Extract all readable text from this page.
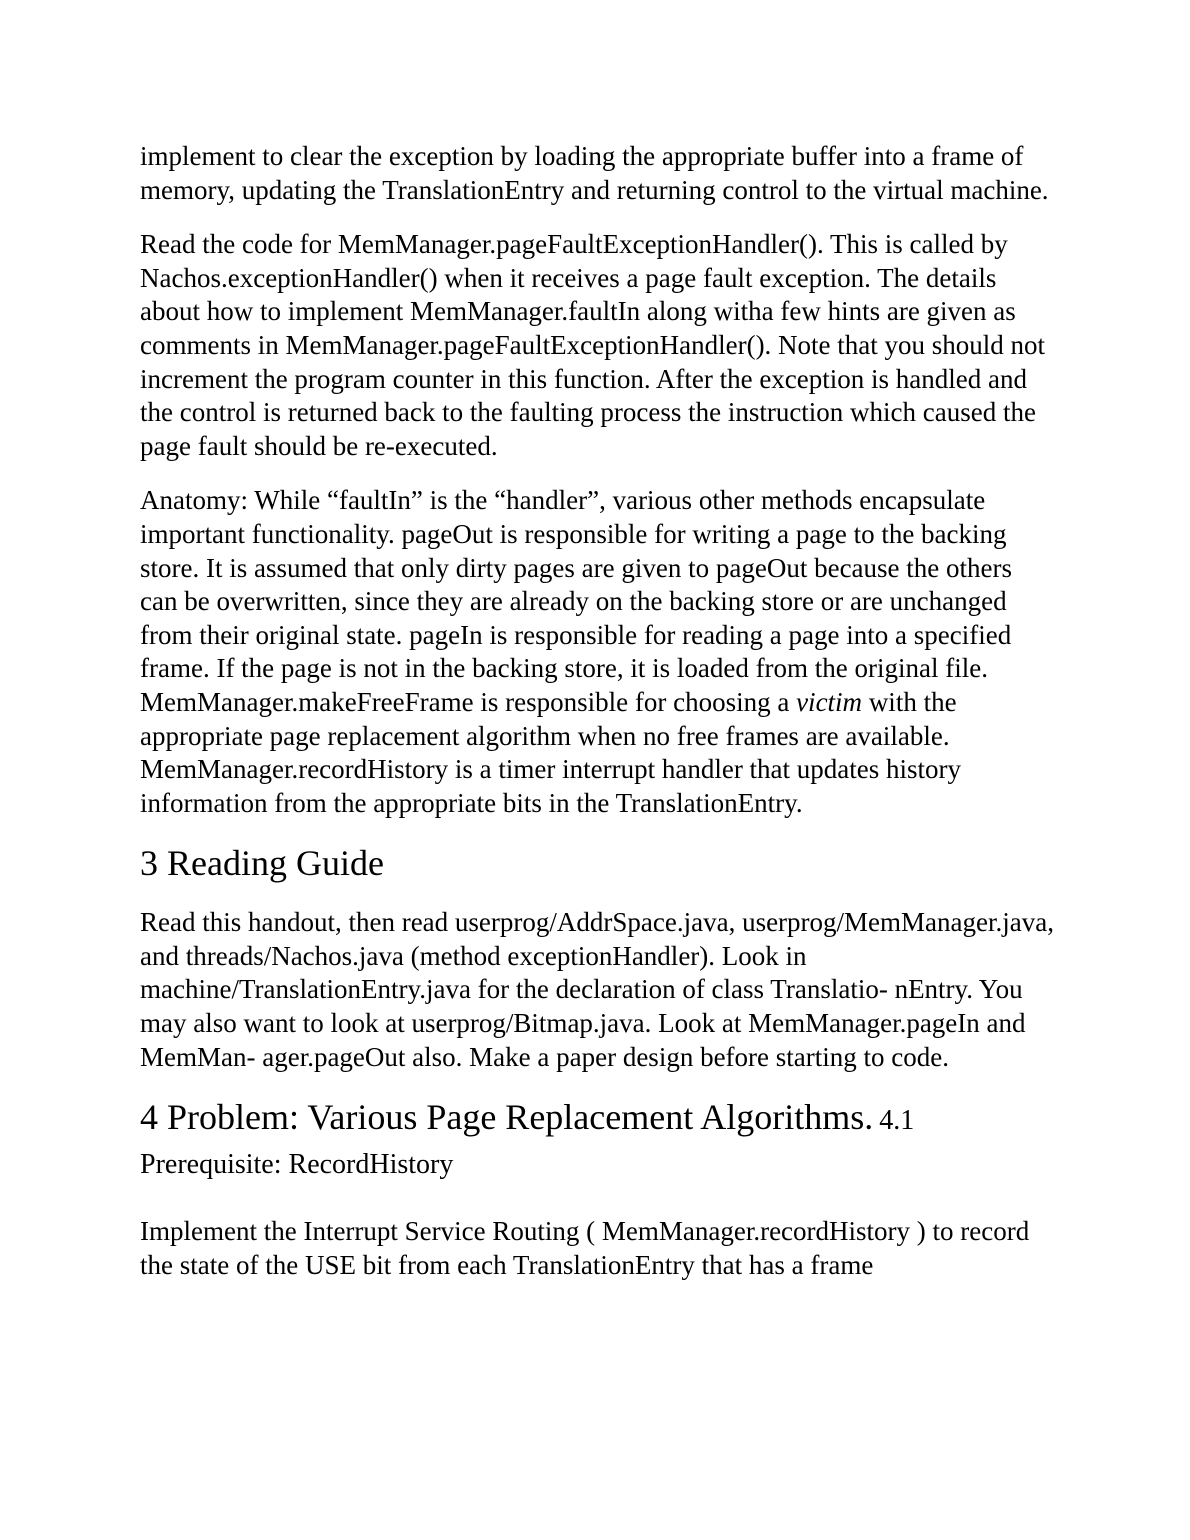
implement to clear the exception by loading the appropriate buffer into a frame of memory, updating the TranslationEntry and returning control to the virtual machine.

Read the code for MemManager.pageFaultExceptionHandler(). This is called by Nachos.exceptionHandler() when it receives a page fault exception. The details about how to implement MemManager.faultIn along witha few hints are given as comments in MemManager.pageFaultExceptionHandler(). Note that you should not increment the program counter in this function. After the exception is handled and the control is returned back to the faulting process the instruction which caused the page fault should be re-executed.

Anatomy: While “faultIn” is the “handler”, various other methods encapsulate important functionality. pageOut is responsible for writing a page to the backing store. It is assumed that only dirty pages are given to pageOut because the others can be overwritten, since they are already on the backing store or are unchanged from their original state. pageIn is responsible for reading a page into a specified frame. If the page is not in the backing store, it is loaded from the original file. MemManager.makeFreeFrame is responsible for choosing a victim with the appropriate page replacement algorithm when no free frames are available. MemManager.recordHistory is a timer interrupt handler that updates history information from the appropriate bits in the TranslationEntry.

3 Reading Guide

Read this handout, then read userprog/AddrSpace.java, userprog/MemManager.java, and threads/Nachos.java (method exceptionHandler). Look in machine/TranslationEntry.java for the declaration of class Translatio- nEntry. You may also want to look at userprog/Bitmap.java. Look at MemManager.pageIn and MemMan- ager.pageOut also. Make a paper design before starting to code.

4 Problem: Various Page Replacement Algorithms. 4.1
Prerequisite: RecordHistory

Implement the Interrupt Service Routing ( MemManager.recordHistory ) to record the state of the USE bit from each TranslationEntry that has a frame
